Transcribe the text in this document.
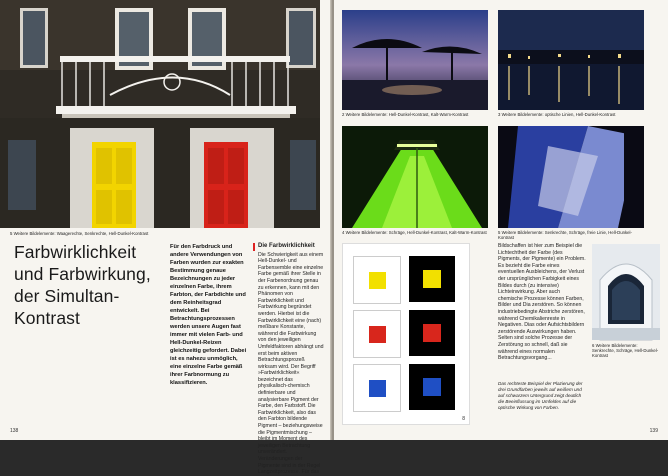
5 Weitere Bildelemente: Waagerechte, Senkrechte, Hell-Dunkel-Kontrast
Farbwirklichkeit und Farbwirkung, der Simultan-Kontrast
Für den Farbdruck und andere Verwendungen von Farben wurden zur exakten Bestimmung genaue Bezeichnungen zu jeder einzelnen Farbe, ihrem Farbton, der Farbdichte und dem Reinheitsgrad entwickelt. Bei Betrachtungsprozessen werden unsere Augen fast immer mit vielen Farb- und Hell-Dunkel-Reizen gleichzeitig gefordert. Dabei ist es nahezu unmöglich, eine einzelne Farbe gemäß ihrer Farbnormung zu klassifizieren.
Die Farbwirklichkeit
Die Schwierigkeit aus einem Hell-Dunkel- und Farbensemble eine einzelne Farbe gemäß ihrer Stelle in der Farbenordnung genau zu erkennen, kann mit den Phänomen von Farbwirklichkeit und Farbwirkung begründet werden. Hierbei ist die Farbwirklichkeit eine (nach) meßbare Konstante, während die Farbwirkung von den jeweiligen Umfeldfaktoren abhängt und erst beim aktiven Betrachtungsprozeß wirksam wird. Der Begriff »Farbwirklichkeit« bezeichnet das physikalisch-chemisch definierbare und analysierbare Pigment der Farbe, den Farbstoff. Die Farbwirklichkeit, also das den Farbton bildende Pigment – beziehungsweise die Pigmentmischung – bleibt im Moment des jeweiligen Betrachtung unverändert. Veränderungen der Pigmente sind in der Regel Langzeitprozesse. Für das
138
2 Weitere Bildelemente: Hell-Dunkel-Kontrast, Kalt-Warm-Kontrast	3 Weitere Bildelemente: optische Linien, Hell-Dunkel-Kontrast
4 Weitere Bildelemente: Schräge, Hell-Dunkel-Kontrast, Kalt-Warm-Kontrast	5 Weitere Bildelemente: Senkrechte, Schräge, freie Linie, Hell-Dunkel-Kontrast
8
Bildschaffen ist hier zum Beispiel die Lichtechtheit der Farbe (des Pigments, der Pigmente) ein Problem. Es bezieht die Farbe eines eventuellen Ausbleichens, der Verlust der ursprünglichen Farbigkeit eines Bildes durch (zu intensive) Lichteinwirkung. Aber auch chemische Prozesse können Farben, Bilder und Dia zerstören. So können industriebedingte Abstriche zerstören, während Chemikalienreste in Negativen. Dias oder Aufsichtsbildern zerstörende Auswirkungen haben. Selten sind solche Prozesse der Zerstörung so schnell, daß sie während eines normalen Betrachtungsvorgang...
Das rechteste Beispiel der Plazierung der drei Grundfarben jeweils auf weißem und auf schwarzem Untergrund zeigt deutlich die Beeinflussung im Umfeldes auf die optische Wirkung von Farben.
6 Weitere Bildelemente: Senkrechte, Schräge, Hell-Dunkel-Kontrast
139
